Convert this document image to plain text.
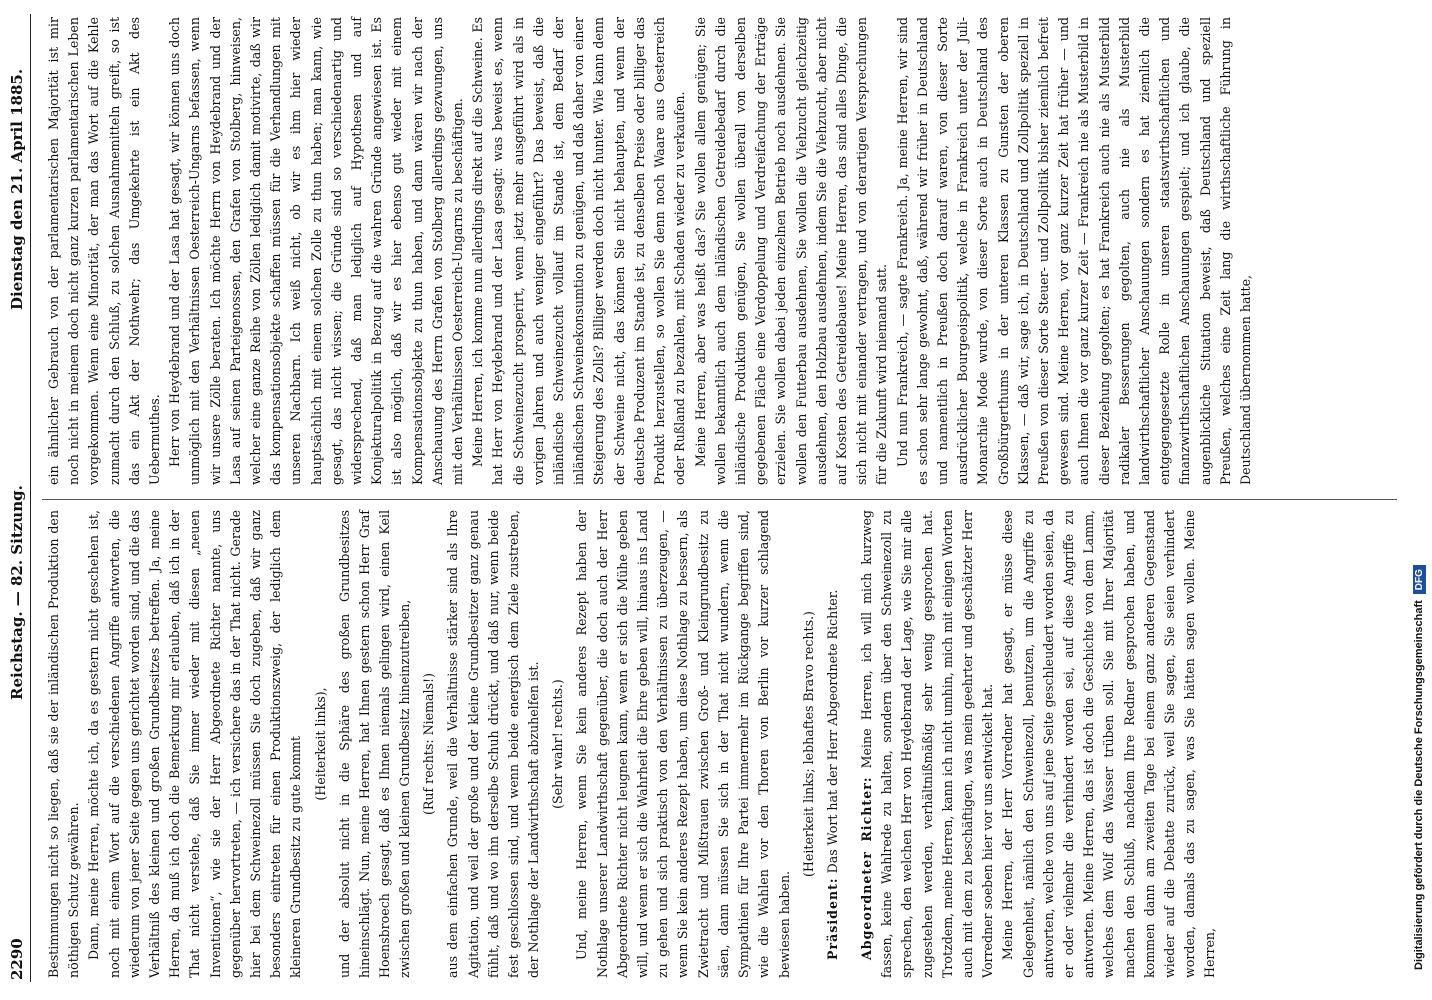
2290
Reichstag. — 82. Sitzung.
Dienstag den 21. April 1885.

Bestimmungen nicht so liegen, daß sie der inländischen Produktion den nöthigen Schutz gewähren. Dann, meine Herren, möchte ich, da es gestern nicht geschehen ist, noch mit einem Wort auf die verschiedenen Angriffe antworten, die wiederum von jener Seite gegen uns gerichtet worden sind, und die das Verhältniß des kleinen und großen Grundbesitzes betreffen. Ja, meine Herren, da muß ich doch die Bemerkung mir erlauben, daß ich in der That nicht verstehe, daß Sie immer wieder mit diesen „neuen Inventionen“, wie sie der Herr Abgeordnete Richter nannte, uns gegenüber hervortreten, — ich versichere das in der That nicht. Gerade hier bei dem Schweinezoll müssen Sie doch zugeben, daß wir ganz besonders eintreten für einen Produktionszweig, der lediglich dem kleineren Grundbesitz zu gute kommt (Heiterkeit links), und der absolut nicht in die Sphäre des großen Grundbesitzes hineinschlägt. Nun, meine Herren, hat Ihnen gestern schon Herr Graf Hoensbroech gesagt, daß es Ihnen niemals gelingen wird, einen Keil zwischen großen und kleinen Grundbesitz hineinzutreiben, (Ruf rechts: Niemals!) aus dem einfachen Grunde, weil die Verhältnisse stärker sind als Ihre Agitation, und weil der große und der kleine Grundbesitzer ganz genau fühlt, daß und wo ihn derselbe Schuh drückt, und daß nur, wenn beide fest geschlossen sind, und wenn beide energisch dem Ziele zustreben, der Nothlage der Landwirthschaft abzuhelfen ist. (Sehr wahr! rechts.) Und, meine Herren, wenn Sie kein anderes Rezept haben der Nothlage unserer Landwirthschaft gegenüber, die doch auch der Herr Abgeordnete Richter nicht leugnen kann, wenn er sich die Mühe geben will, und wenn er sich die Wahrheit die Ehre geben will, hinaus ins Land zu gehen und sich praktisch von den Verhältnissen zu überzeugen, — wenn Sie kein anderes Rezept haben, um diese Nothlage zu bessern, als Zwietracht und Mißtrauen zwischen Groß- und Kleingrundbesitz zu säen, dann müssen Sie sich in der That nicht wundern, wenn die Sympathien für Ihre Partei immermehr im Rückgange begriffen sind, wie die Wahlen vor den Thoren von Berlin vor kurzer schlagend bewiesen haben.

(Heiterkeit links; lebhaftes Bravo rechts.)

Präsident: Das Wort hat der Herr Abgeordnete Richter. Abgeordneter Richter: Meine Herren, ich will mich kurzweg fassen, keine Wahlrede zu halten, sondern über den Schweinezoll zu sprechen, den welchen Herr von Heydebrand der Lage, wie Sie mir alle zugestehen werden, verhältnißmäßig sehr wenig gesprochen hat. Trotzdem, meine Herren, kann ich nicht umhin, mich mit einigen Worten auch mit dem zu beschäftigen, was mein geehrter und geschätzter Herr Vorredner soeben hier vor uns entwickelt hat. Meine Herren, der Herr Vorredner hat gesagt, er müsse diese Gelegenheit, nämlich den Schweinezoll, benutzen, um die Angriffe zu antworten, welche von uns auf jene Seite geschleudert worden seien, da er oder vielmehr die verhindert worden sei, auf diese Angriffe zu antworten. Meine Herren, das ist doch die Geschichte von dem Lamm, welches dem Wolf das Wasser trüben soll. Sie mit Ihrer Majorität machen den Schluß, nachdem Ihre Redner gesprochen haben, und kommen dann am zweiten Tage bei einem ganz anderen Gegenstand wieder auf die Debatte zurück, weil Sie sagen, Sie seien verhindert worden, damals das zu sagen, was Sie hätten sagen wollen. Meine Herren,

ein ähnlicher Gebrauch von der parlamentarischen Majorität ist mir noch nicht in meinem doch nicht ganz kurzen parlamentarischen Leben vorgekommen. Wenn eine Minorität, der man das Wort auf die Kehle zumacht durch den Schluß, zu solchen Ausnahmemitteln greift, so ist das ein Akt der Nothwehr; das Umgekehrte ist ein Akt des Uebermuthes. Herr von Heydebrand und der Lasa hat gesagt, wir können uns doch unmöglich mit den Verhältnissen Oesterreich-Ungarns befassen, wenn wir unsere Zölle beraten. Ich möchte Herrn von Heydebrand und der Lasa auf seinen Parteigenossen, den Grafen von Stolberg, hinweisen, welcher eine ganze Reihe von Zöllen lediglich damit motivirte, daß wir das kompensationsobjekte schaffen müssen für die Verhandlungen mit unseren Nachbarn. Ich weiß nicht, ob wir es ihm hier wieder hauptsächlich mit einem solchen Zolle zu thun haben; man kann, wie gesagt, das nicht wissen; die Gründe sind so verschiedenartig und widersprechend, daß man lediglich auf Hypothesen und auf Konjekturalpolitik in Bezug auf die wahren Gründe angewiesen ist. Es ist also möglich, daß wir es hier ebenso gut wieder mit einem Kompensationsobjekte zu thun haben, und dann wären wir nach der Anschauung des Herrn Grafen von Stolberg allerdings gezwungen, uns mit den Verhältnissen Oesterreich-Ungarns zu beschäftigen. Meine Herren, ich komme nun allerdings direkt auf die Schweine. Es hat Herr von Heydebrand und der Lasa gesagt: was beweist es, wenn die Schweinezucht prosperirt, wenn jetzt mehr ausgeführt wird als in vorigen Jahren und auch weniger eingeführt? Das beweist, daß die inländische Schweinezucht vollauf im Stande ist, dem Bedarf der inländischen Schweinekonsumtion zu genügen, und daß daher von einer Steigerung des Zolls? Billiger werden doch nicht hunter. Wie kann denn der Schweine nicht, das können Sie nicht behaupten, und wenn der deutsche Produzent im Stande ist, zu denselben Preise oder billiger das Produkt herzustellen, so wollen Sie denn noch Waare aus Oesterreich oder Rußland zu bezahlen, mit Schaden wieder zu verkaufen. Meine Herren, aber was heißt das? Sie wollen allem genügen; Sie wollen bekanntlich auch dem inländischen Getreidebedarf durch die inländische Produktion genügen, Sie wollen überall von derselben gegebenen Fläche eine Verdoppelung und Verdreifachung der Erträge erzielen. Sie wollen dabei jeden einzelnen Betrieb noch ausdehnen. Sie wollen den Futterbau ausdehnen, Sie wollen die Viehzucht gleichzeitig ausdehnen, den Holzbau ausdehnen, indem Sie die Viehzucht, aber nicht auf Kosten des Getreidebaues! Meine Herren, das sind alles Dinge, die sich nicht mit einander vertragen, und von derartigen Versprechungen für die Zukunft wird niemand satt. Und nun Frankreich, — sagte Frankreich. Ja, meine Herren, wir sind es schon sehr lange gewohnt, daß, während wir früher in Deutschland und namentlich in Preußen doch darauf waren, von dieser Sorte ausdrücklicher Bourgeoispolitik, welche in Frankreich unter der Juli-Monarchie Mode wurde, von dieser Sorte auch in Deutschland des Großbürgerthums in der unteren Klassen zu Gunsten der oberen Klassen, — daß wir, sage ich, in Deutschland und Zollpolitik speziell in Preußen von dieser Sorte Steuer- und Zollpolitik bisher ziemlich befreit gewesen sind. Meine Herren, vor ganz kurzer Zeit hat früher — und auch Ihnen die vor ganz kurzer Zeit — Frankreich nie als Musterbild in dieser Beziehung gegolten; es hat Frankreich auch nie als Musterbild radikaler Besserungen gegolten, auch nie als Musterbild landwirthschaftlicher Anschauungen sondern es hat ziemlich die entgegengesetzte Rolle in unseren staatswirthschaftlichen und finanzwirthschaftlichen Anschauungen gespielt; und ich glaube, die augenblickliche Situation beweist, daß Deutschland und speziell Preußen, welches eine Zeit lang die wirthschaftliche Führung in Deutschland übernommen hatte,

Digitalisierung gefördert durch die Deutsche Forschungsgemeinschaft
DFG
